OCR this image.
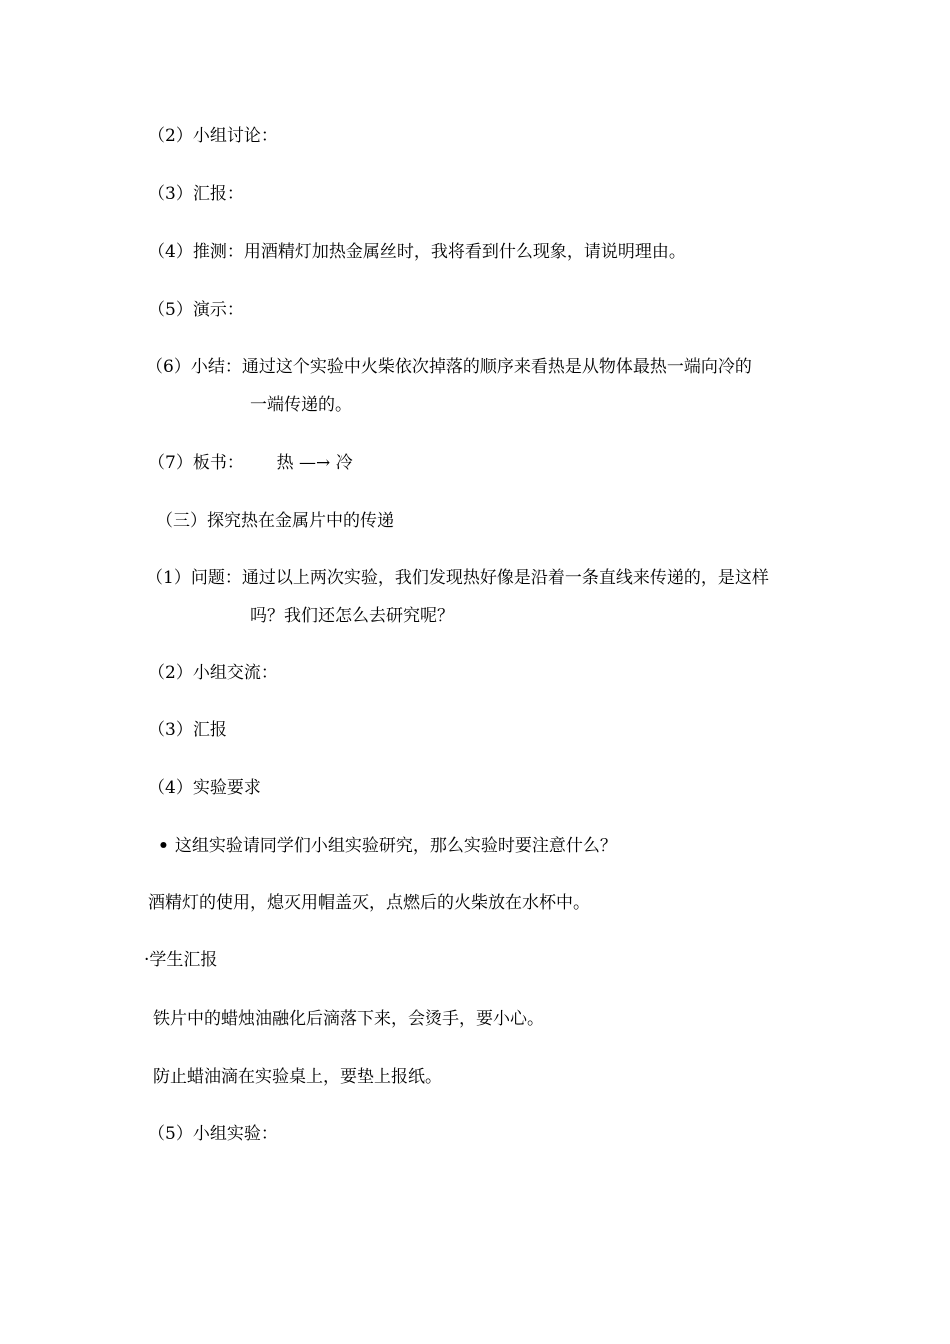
（2）小组讨论：
（3）汇报：
（4）推测：用酒精灯加热金属丝时，我将看到什么现象，请说明理由。
（5）演示：
（6）小结：通过这个实验中火柴依次掉落的顺序来看热是从物体最热一端向冷的
一端传递的。
（7）板书： 热 —→ 冷
（三）探究热在金属片中的传递
（1）问题：通过以上两次实验，我们发现热好像是沿着一条直线来传递的，是这样
吗？我们还怎么去研究呢？
（2）小组交流：
（3）汇报
（4）实验要求
• 这组实验请同学们小组实验研究，那么实验时要注意什么？
酒精灯的使用，熄灭用帽盖灭，点燃后的火柴放在水杯中。
·学生汇报
铁片中的蜡烛油融化后滴落下来，会烫手，要小心。
防止蜡油滴在实验桌上，要垫上报纸。
（5）小组实验：
